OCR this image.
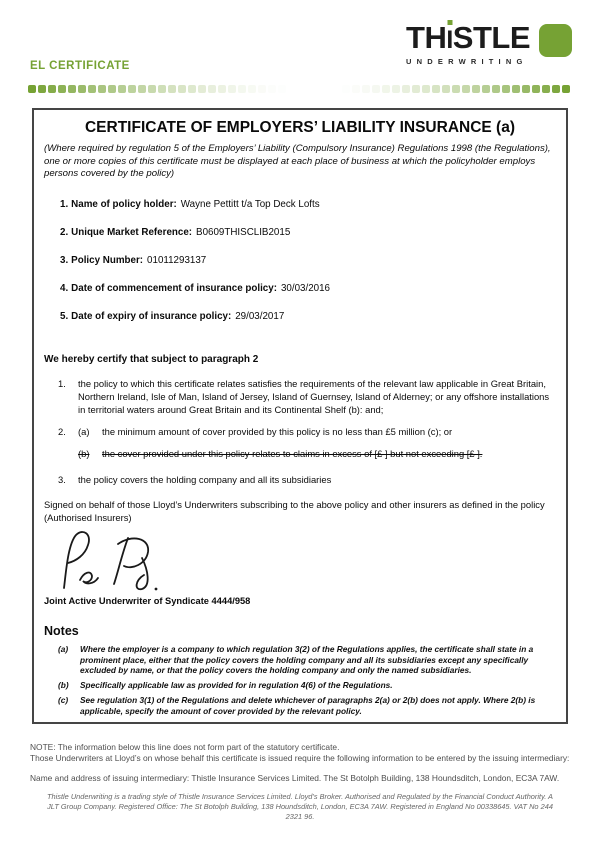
EL CERTIFICATE
THI
STLE
UNDERWRITING
CERTIFICATE OF EMPLOYERS’ LIABILITY INSURANCE (a)
(Where required by regulation 5 of the Employers’ Liability (Compulsory Insurance) Regulations 1998 (the Regulations), one or more copies of this certificate must be displayed at each place of business at which the policyholder employs persons covered by the policy)
1. Name of policy holder: Wayne Pettitt t/a Top Deck Lofts
2. Unique Market Reference: B0609THISCLIB2015
3. Policy Number: 01011293137
4. Date of commencement of insurance policy: 30/03/2016
5. Date of expiry of insurance policy: 29/03/2017
We hereby certify that subject to paragraph 2
1.	the policy to which this certificate relates satisfies the requirements of the relevant law applicable in Great Britain, Northern Ireland, Isle of Man, Island of Jersey, Island of Guernsey, Island of Alderney; or any offshore installations in territorial waters around Great Britain and its Continental Shelf (b): and;
2.	(a)	the minimum amount of cover provided by this policy is no less than £5 million (c); or
(b)	the cover provided under this policy relates to claims in excess of [£ ] but not exceeding [£ ].
3.	the policy covers the holding company and all its subsidiaries
Signed on behalf of those Lloyd’s Underwriters subscribing to the above policy and other insurers as defined in the policy (Authorised Insurers)
Joint Active Underwriter of Syndicate 4444/958
Notes
(a)	Where the employer is a company to which regulation 3(2) of the Regulations applies, the certificate shall state in a prominent place, either that the policy covers the holding company and all its subsidiaries except any specifically excluded by name, or that the policy covers the holding company and only the named subsidiaries.
(b)	Specifically applicable law as provided for in regulation 4(6) of the Regulations.
(c)	See regulation 3(1) of the Regulations and delete whichever of paragraphs 2(a) or 2(b) does not apply. Where 2(b) is applicable, specify the amount of cover provided by the relevant policy.
NOTE: The information below this line does not form part of the statutory certificate.
Those Underwriters at Lloyd’s on whose behalf this certificate is issued require the following information to be entered by the issuing intermediary:
Name and address of issuing intermediary: Thistle Insurance Services Limited. The St Botolph Building, 138 Houndsditch, London, EC3A 7AW.
Thistle Underwriting is a trading style of Thistle Insurance Services Limited. Lloyd’s Broker. Authorised and Regulated by the Financial Conduct Authority. A JLT Group Company. Registered Office: The St Botolph Building, 138 Houndsditch, London, EC3A 7AW. Registered in England No 00338645. VAT No 244 2321 96.
